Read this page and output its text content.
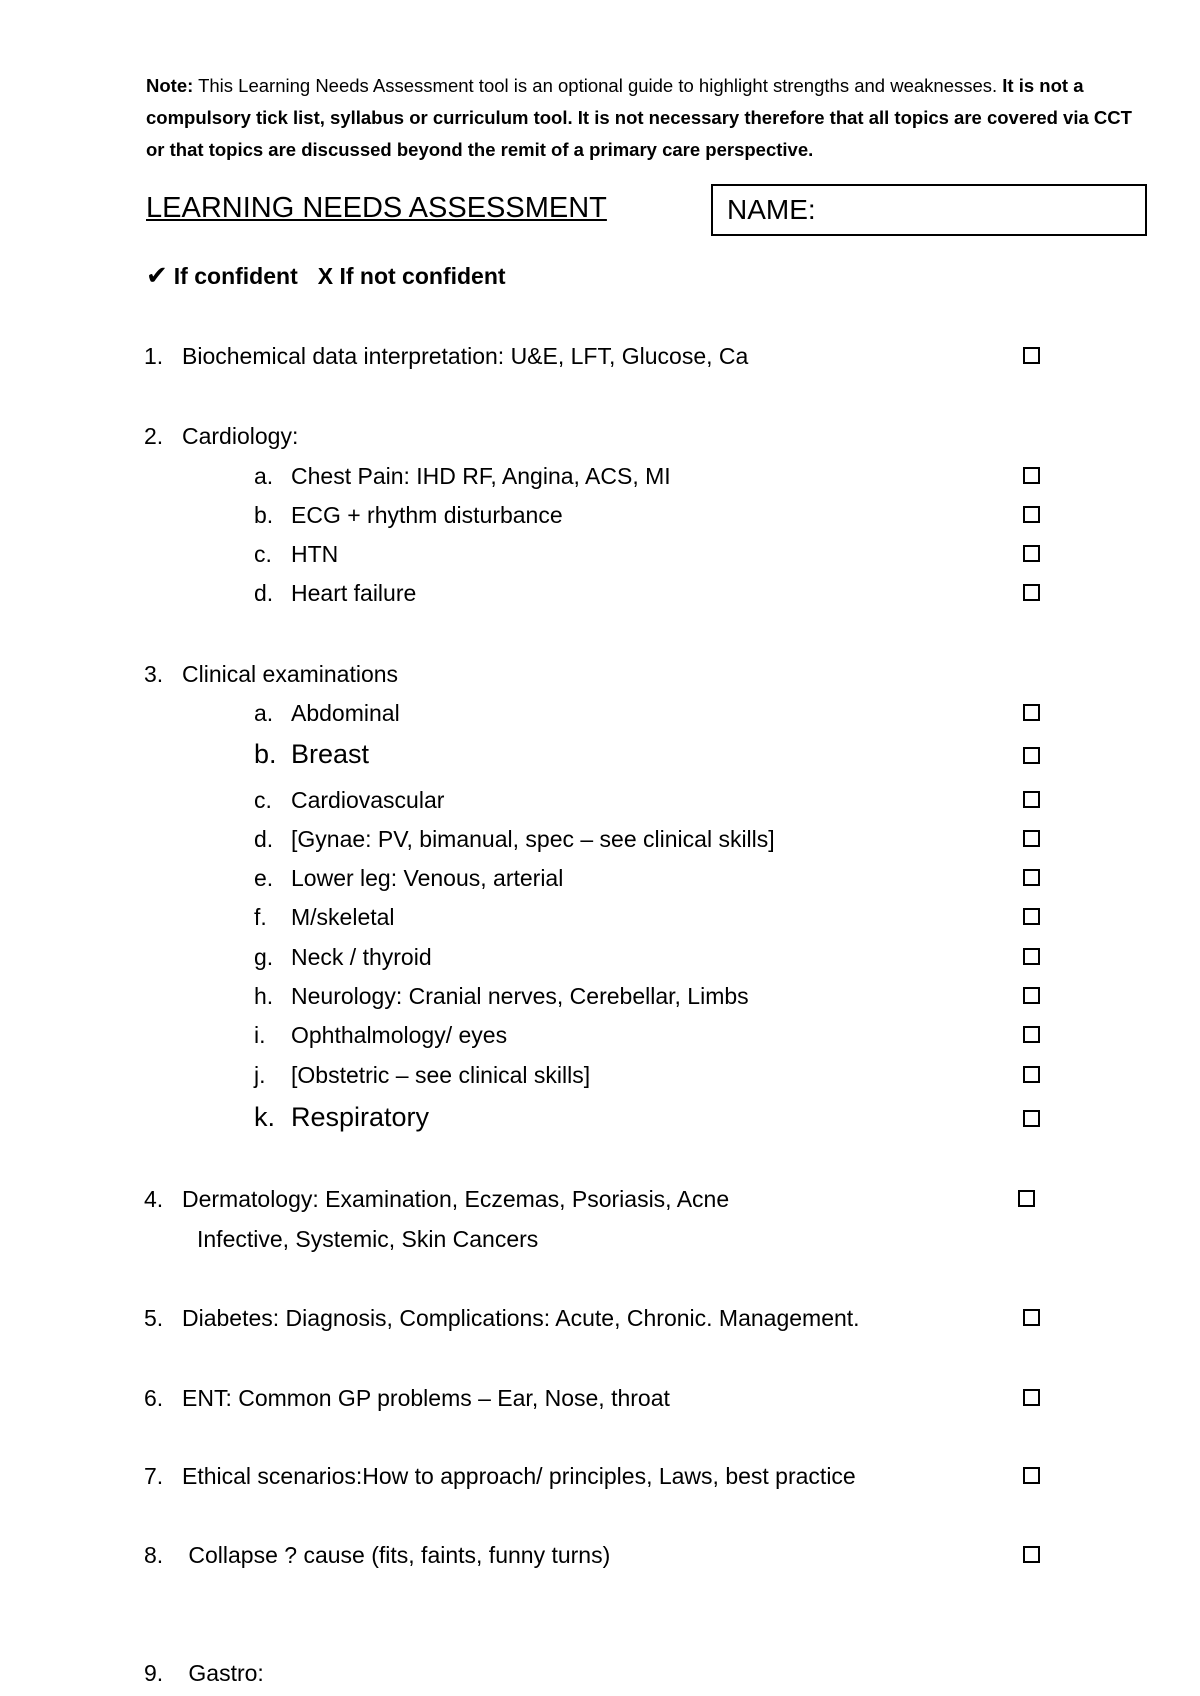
Note: This Learning Needs Assessment tool is an optional guide to highlight strengths and weaknesses. It is not a compulsory tick list, syllabus or curriculum tool. It is not necessary therefore that all topics are covered via CCT or that topics are discussed beyond the remit of a primary care perspective.
LEARNING NEEDS ASSESSMENT	NAME:
✔ If confident X If not confident
1. Biochemical data interpretation: U&E, LFT, Glucose, Ca
2. Cardiology:
a. Chest Pain: IHD RF, Angina, ACS, MI
b. ECG + rhythm disturbance
c. HTN
d. Heart failure
3. Clinical examinations
a. Abdominal
b. Breast
c. Cardiovascular
d. [Gynae: PV, bimanual, spec – see clinical skills]
e. Lower leg: Venous, arterial
f. M/skeletal
g. Neck / thyroid
h. Neurology: Cranial nerves, Cerebellar, Limbs
i. Ophthalmology/ eyes
j. [Obstetric – see clinical skills]
k. Respiratory
4. Dermatology: Examination, Eczemas, Psoriasis, Acne
Infective, Systemic, Skin Cancers
5. Diabetes: Diagnosis, Complications: Acute, Chronic. Management.
6. ENT: Common GP problems – Ear, Nose, throat
7. Ethical scenarios:How to approach/ principles, Laws, best practice
8. Collapse ? cause (fits, faints, funny turns)
9. Gastro:
